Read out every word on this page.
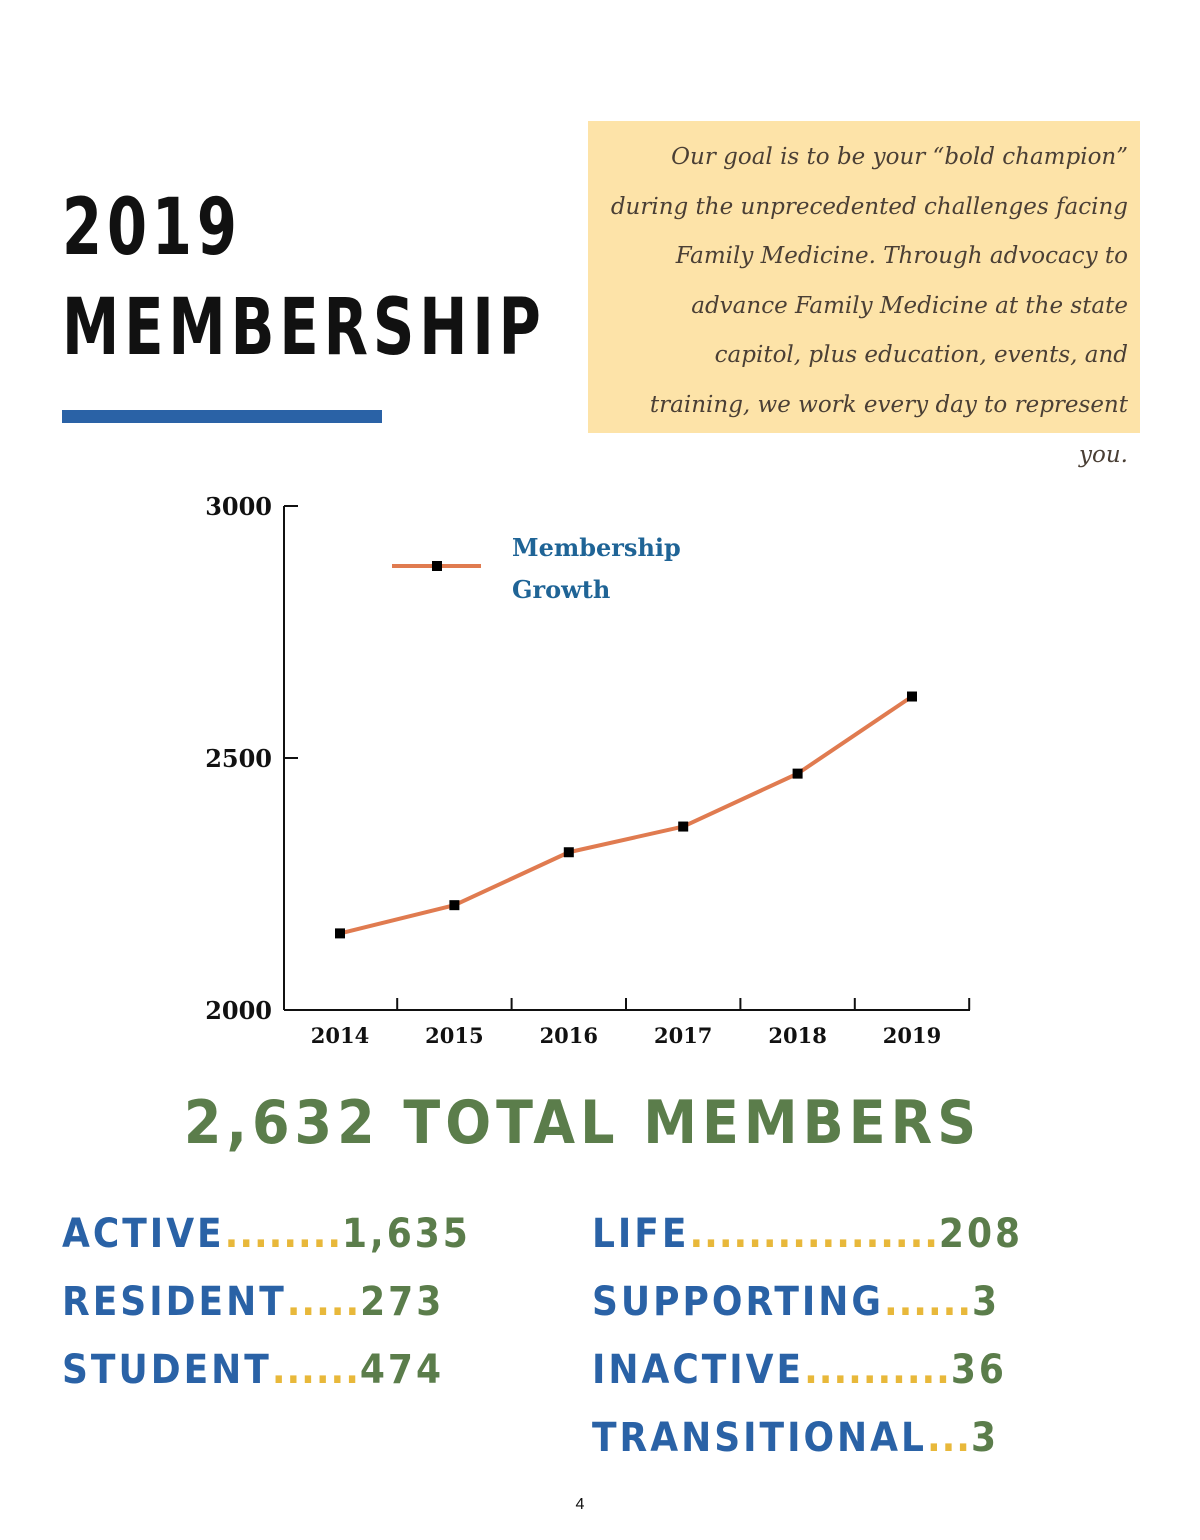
2019
MEMBERSHIP

Our goal is to be your “bold champion” during the unprecedented challenges facing Family Medicine. Through advocacy to advance Family Medicine at the state capitol, plus education, events, and training, we work every day to represent you.

2000
2500
3000
2014	2015	2016	2017	2018	2019
Membership
Growth
2,632 TOTAL MEMBERS
ACTIVE........1,635
RESIDENT.....273
STUDENT......474
LIFE.................208
SUPPORTING......3
INACTIVE..........36
TRANSITIONAL...3
4
